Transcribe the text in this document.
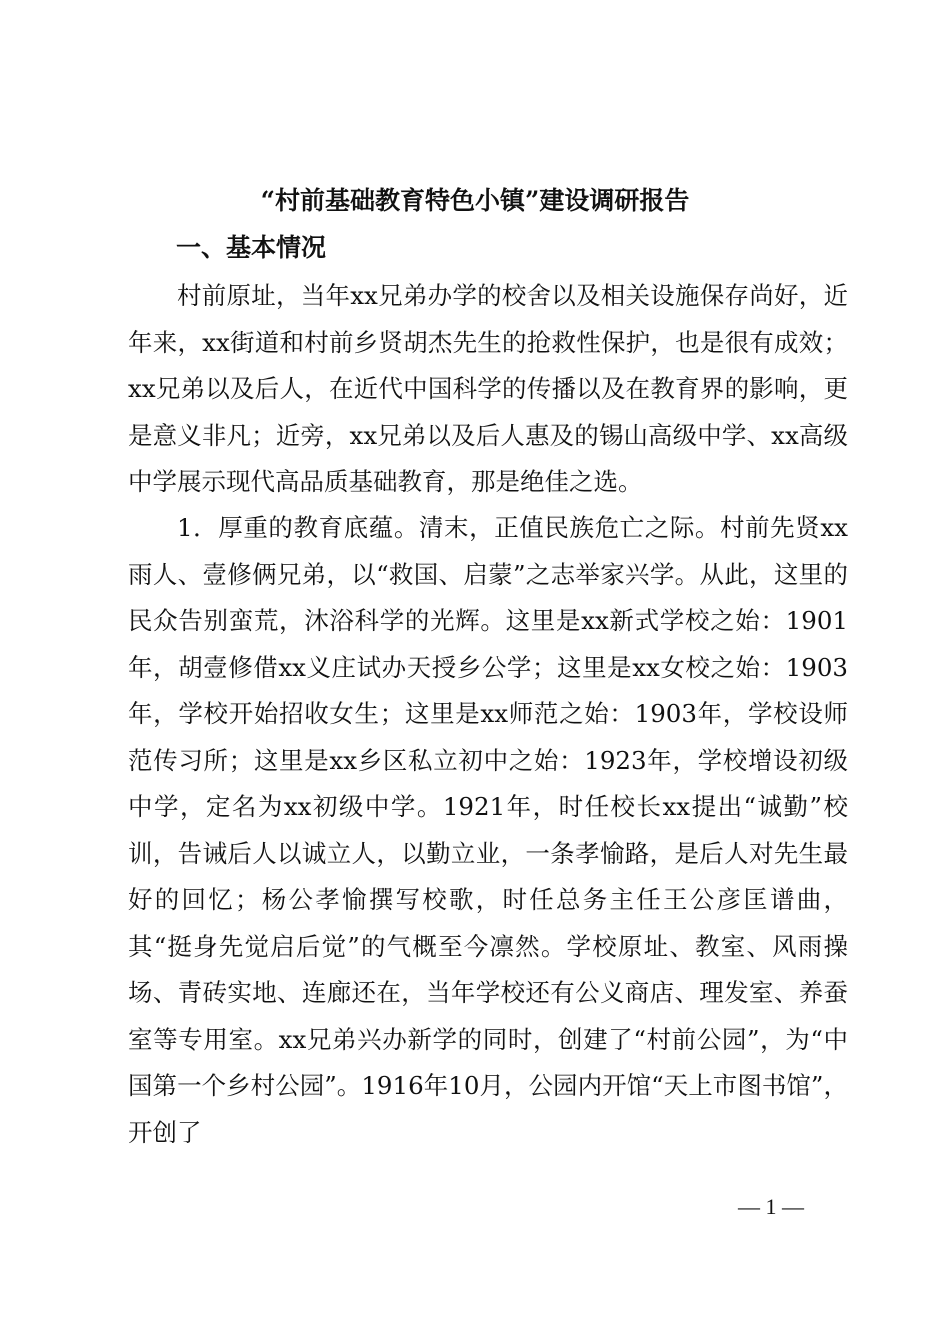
“村前基础教育特色小镇”建设调研报告
一、基本情况

村前原址，当年xx兄弟办学的校舍以及相关设施保存尚好，近年来，xx街道和村前乡贤胡杰先生的抢救性保护，也是很有成效；xx兄弟以及后人，在近代中国科学的传播以及在教育界的影响，更是意义非凡；近旁，xx兄弟以及后人惠及的锡山高级中学、xx高级中学展示现代高品质基础教育，那是绝佳之选。

1．厚重的教育底蕴。清末，正值民族危亡之际。村前先贤xx雨人、壹修俩兄弟，以“救国、启蒙”之志举家兴学。从此，这里的民众告别蛮荒，沐浴科学的光辉。这里是xx新式学校之始：1901年，胡壹修借xx义庄试办天授乡公学；这里是xx女校之始：1903年，学校开始招收女生；这里是xx师范之始：1903年，学校设师范传习所；这里是xx乡区私立初中之始：1923年，学校增设初级中学，定名为xx初级中学。1921年，时任校长xx提出“诚勤”校训，告诫后人以诚立人，以勤立业，一条孝愉路，是后人对先生最好的回忆；杨公孝愉撰写校歌，时任总务主任王公彦匡谱曲，其“挺身先觉启后觉”的气概至今凛然。学校原址、教室、风雨操场、青砖实地、连廊还在，当年学校还有公义商店、理发室、养蚕室等专用室。xx兄弟兴办新学的同时，创建了“村前公园”，为“中国第一个乡村公园”。1916年10月，公园内开馆“天上市图书馆”，开创了

— 1 —
